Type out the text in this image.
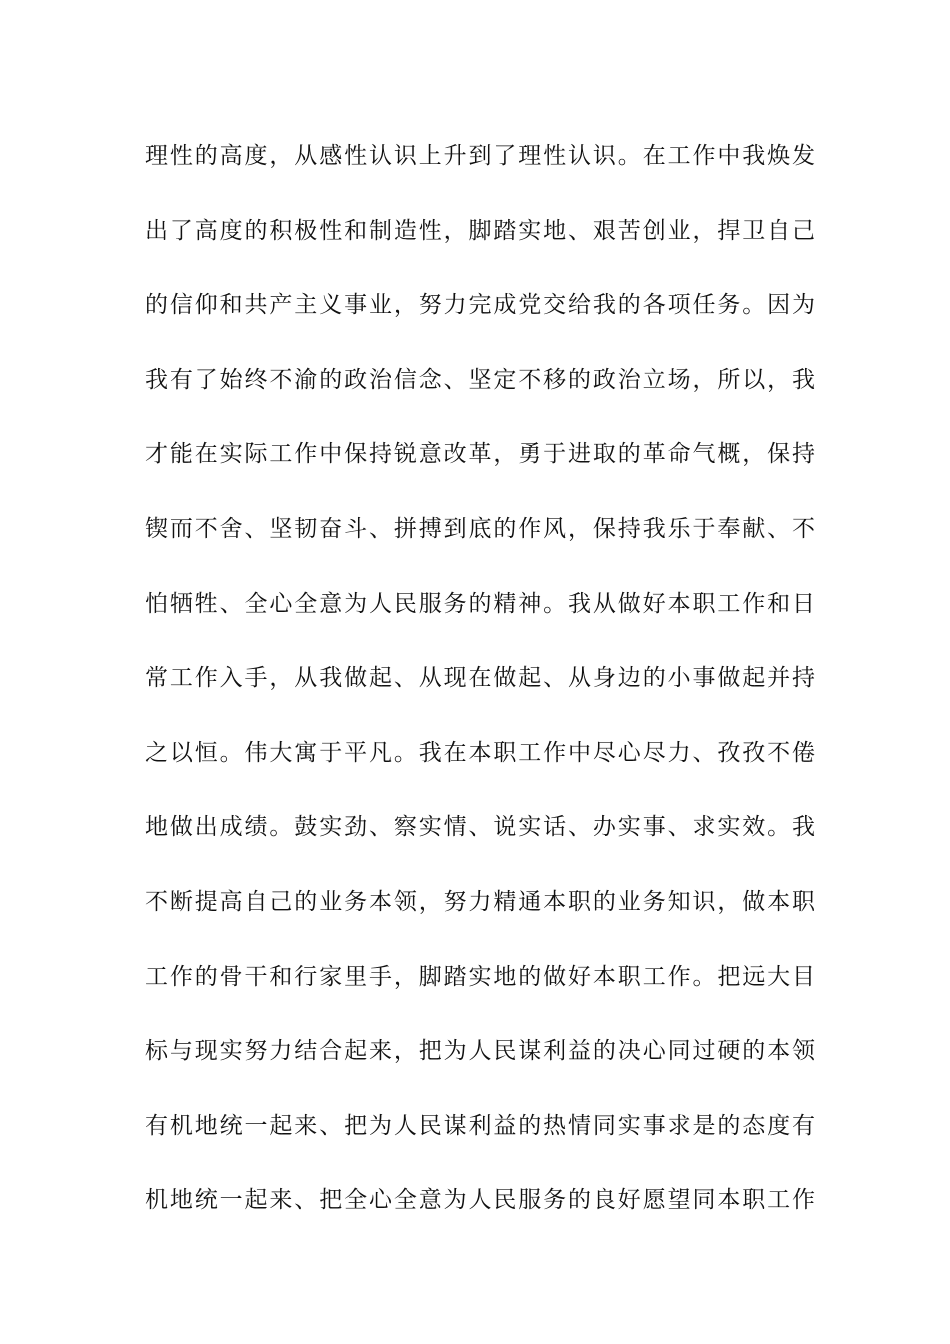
理性的高度，从感性认识上升到了理性认识。在工作中我焕发
出了高度的积极性和制造性，脚踏实地、艰苦创业，捍卫自己
的信仰和共产主义事业，努力完成党交给我的各项任务。因为
我有了始终不渝的政治信念、坚定不移的政治立场，所以，我
才能在实际工作中保持锐意改革，勇于进取的革命气概，保持
锲而不舍、坚韧奋斗、拼搏到底的作风，保持我乐于奉献、不
怕牺牲、全心全意为人民服务的精神。我从做好本职工作和日
常工作入手，从我做起、从现在做起、从身边的小事做起并持
之以恒。伟大寓于平凡。我在本职工作中尽心尽力、孜孜不倦
地做出成绩。鼓实劲、察实情、说实话、办实事、求实效。我
不断提高自己的业务本领，努力精通本职的业务知识，做本职
工作的骨干和行家里手，脚踏实地的做好本职工作。把远大目
标与现实努力结合起来，把为人民谋利益的决心同过硬的本领
有机地统一起来、把为人民谋利益的热情同实事求是的态度有
机地统一起来、把全心全意为人民服务的良好愿望同本职工作
